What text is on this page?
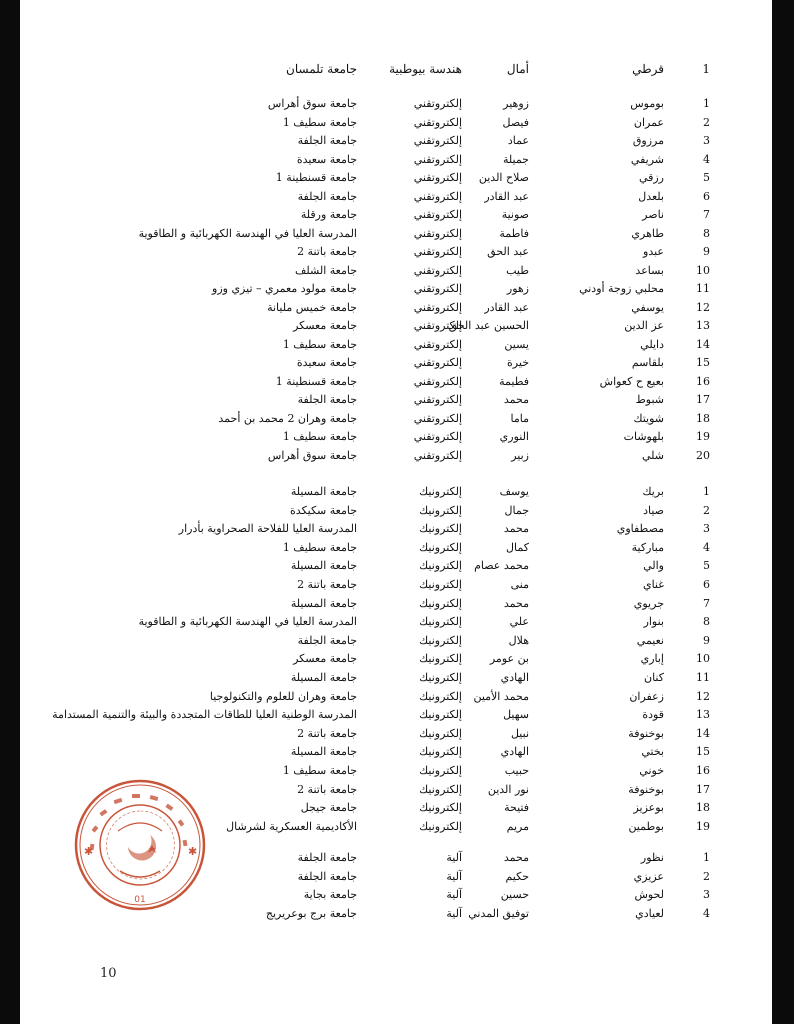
1
قرطي
أمال
هندسة بيوطبية
جامعة تلمسان
1
بوموس
زوهير
إلكتروتقني
جامعة سوق أهراس
2
عمران
فيصل
إلكتروتقني
جامعة سطيف 1
3
مرزوق
عماد
إلكتروتقني
جامعة الجلفة
4
شريفي
جميلة
إلكتروتقني
جامعة سعيدة
5
رزقي
صلاح الدين
إلكتروتقني
جامعة قسنطينة 1
6
بلعدل
عبد القادر
إلكتروتقني
جامعة الجلفة
7
ناصر
صونية
إلكتروتقني
جامعة ورقلة
8
طاهري
فاطمة
إلكتروتقني
المدرسة العليا في الهندسة الكهربائية و الطاقوية
9
عبدو
عبد الحق
إلكتروتقني
جامعة باتنة 2
10
بساعد
طيب
إلكتروتقني
جامعة الشلف
11
محلبي زوجة أودني
زهور
إلكتروتقني
جامعة مولود معمري – تيزي وزو
12
يوسفي
عبد القادر
إلكتروتقني
جامعة خميس مليانة
13
عز الدين
الحسين عبد الحق
إلكتروتقني
جامعة معسكر
14
دايلي
يسين
إلكتروتقني
جامعة سطيف 1
15
بلقاسم
خيرة
إلكتروتقني
جامعة سعيدة
16
بعيع ح كعواش
فطيمة
إلكتروتقني
جامعة قسنطينة 1
17
شبوط
محمد
إلكتروتقني
جامعة الجلفة
18
شويتك
ماما
إلكتروتقني
جامعة وهران 2 محمد بن أحمد
19
بلهوشات
النوري
إلكتروتقني
جامعة سطيف 1
20
شلي
زبير
إلكتروتقني
جامعة سوق أهراس
1
بريك
يوسف
إلكترونيك
جامعة المسيلة
2
صياد
جمال
إلكترونيك
جامعة سكيكدة
3
مصطفاوي
محمد
إلكترونيك
المدرسة العليا للفلاحة الصحراوية بأدرار
4
مباركية
كمال
إلكترونيك
جامعة سطيف 1
5
والي
محمد عصام
إلكترونيك
جامعة المسيلة
6
غناي
منى
إلكترونيك
جامعة باتنة 2
7
جريوي
محمد
إلكترونيك
جامعة المسيلة
8
بنوار
علي
إلكترونيك
المدرسة العليا في الهندسة الكهربائية و الطاقوية
9
نعيمي
هلال
إلكترونيك
جامعة الجلفة
10
إباري
بن عومر
إلكترونيك
جامعة معسكر
11
كنان
الهادي
إلكترونيك
جامعة المسيلة
12
زعفران
محمد الأمين
إلكترونيك
جامعة وهران للعلوم والتكنولوجيا
13
قودة
سهيل
إلكترونيك
المدرسة الوطنية العليا للطاقات المتجددة والبيئة والتنمية المستدامة
14
بوخنوفة
نبيل
إلكترونيك
جامعة باتنة 2
15
بختي
الهادي
إلكترونيك
جامعة المسيلة
16
خوني
حبيب
إلكترونيك
جامعة سطيف 1
17
بوخنوفة
نور الدين
إلكترونيك
جامعة باتنة 2
18
بوعزيز
فتيحة
إلكترونيك
جامعة جيجل
19
بوطمين
مريم
إلكترونيك
الأكاديمية العسكرية لشرشال
1
نظور
محمد
آلية
جامعة الجلفة
2
عزيزي
حكيم
آلية
جامعة الجلفة
3
لحوش
حسين
آلية
جامعة بجاية
4
لعيادي
توفيق المدني
آلية
جامعة برج بوعريريج
01
✱	✱
10
